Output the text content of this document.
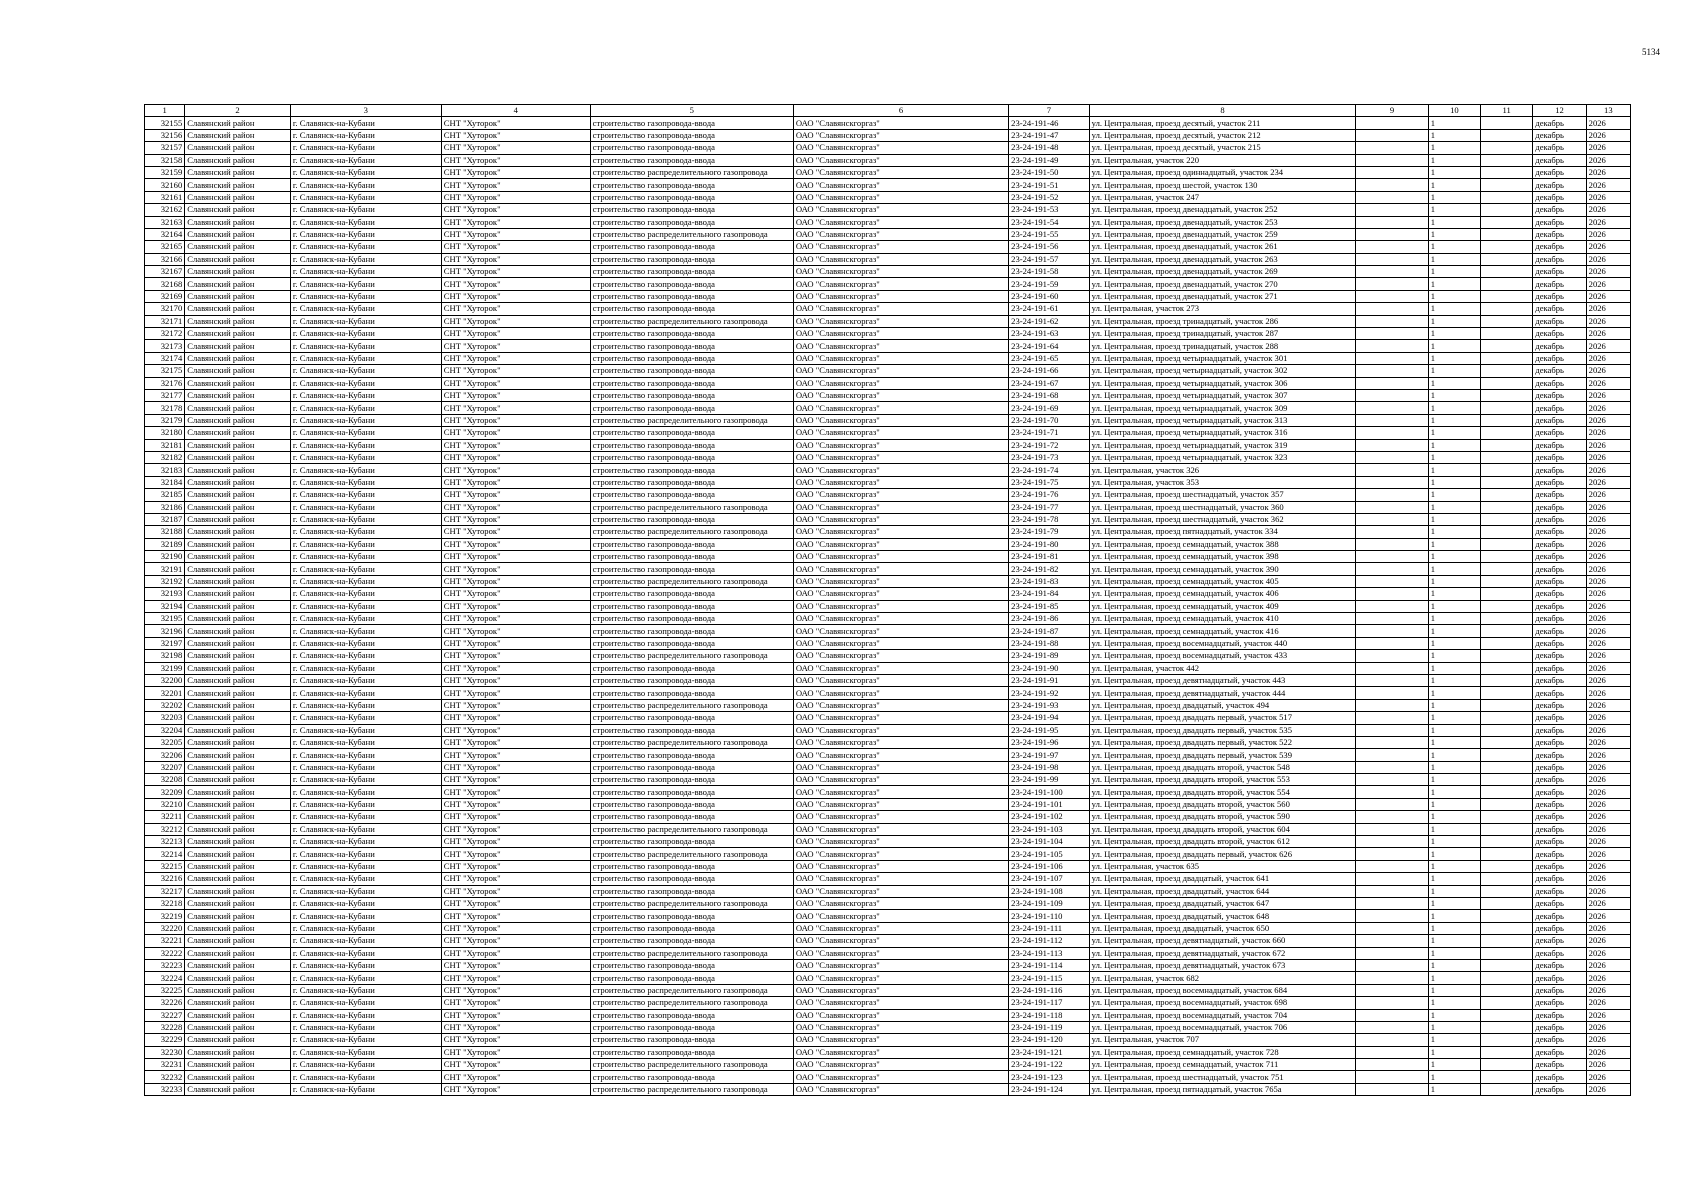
5134
1	2	3	4	5	6	7	8	9	10	11	12	13
32155	Славянский район	г. Славянск-на-Кубани	СНТ "Хуторок"	строительство газопровода-ввода	ОАО "Славянскгоргаз"	23-24-191-46	ул. Центральная, проезд десятый, участок 211		1		декабрь	2026
32156	Славянский район	г. Славянск-на-Кубани	СНТ "Хуторок"	строительство газопровода-ввода	ОАО "Славянскгоргаз"	23-24-191-47	ул. Центральная, проезд десятый, участок 212		1		декабрь	2026
32157	Славянский район	г. Славянск-на-Кубани	СНТ "Хуторок"	строительство газопровода-ввода	ОАО "Славянскгоргаз"	23-24-191-48	ул. Центральная, проезд десятый, участок 215		1		декабрь	2026
32158	Славянский район	г. Славянск-на-Кубани	СНТ "Хуторок"	строительство газопровода-ввода	ОАО "Славянскгоргаз"	23-24-191-49	ул. Центральная, участок 220		1		декабрь	2026
32159	Славянский район	г. Славянск-на-Кубани	СНТ "Хуторок"	строительство распределительного газопровода	ОАО "Славянскгоргаз"	23-24-191-50	ул. Центральная, проезд одиннадцатый, участок 234		1		декабрь	2026
32160	Славянский район	г. Славянск-на-Кубани	СНТ "Хуторок"	строительство газопровода-ввода	ОАО "Славянскгоргаз"	23-24-191-51	ул. Центральная, проезд шестой, участок 130		1		декабрь	2026
32161	Славянский район	г. Славянск-на-Кубани	СНТ "Хуторок"	строительство газопровода-ввода	ОАО "Славянскгоргаз"	23-24-191-52	ул. Центральная, участок 247		1		декабрь	2026
32162	Славянский район	г. Славянск-на-Кубани	СНТ "Хуторок"	строительство газопровода-ввода	ОАО "Славянскгоргаз"	23-24-191-53	ул. Центральная, проезд двенадцатый, участок 252		1		декабрь	2026
32163	Славянский район	г. Славянск-на-Кубани	СНТ "Хуторок"	строительство газопровода-ввода	ОАО "Славянскгоргаз"	23-24-191-54	ул. Центральная, проезд двенадцатый, участок 253		1		декабрь	2026
32164	Славянский район	г. Славянск-на-Кубани	СНТ "Хуторок"	строительство распределительного газопровода	ОАО "Славянскгоргаз"	23-24-191-55	ул. Центральная, проезд двенадцатый, участок 259		1		декабрь	2026
32165	Славянский район	г. Славянск-на-Кубани	СНТ "Хуторок"	строительство газопровода-ввода	ОАО "Славянскгоргаз"	23-24-191-56	ул. Центральная, проезд двенадцатый, участок 261		1		декабрь	2026
32166	Славянский район	г. Славянск-на-Кубани	СНТ "Хуторок"	строительство газопровода-ввода	ОАО "Славянскгоргаз"	23-24-191-57	ул. Центральная, проезд двенадцатый, участок 263		1		декабрь	2026
32167	Славянский район	г. Славянск-на-Кубани	СНТ "Хуторок"	строительство газопровода-ввода	ОАО "Славянскгоргаз"	23-24-191-58	ул. Центральная, проезд двенадцатый, участок 269		1		декабрь	2026
32168	Славянский район	г. Славянск-на-Кубани	СНТ "Хуторок"	строительство газопровода-ввода	ОАО "Славянскгоргаз"	23-24-191-59	ул. Центральная, проезд двенадцатый, участок 270		1		декабрь	2026
32169	Славянский район	г. Славянск-на-Кубани	СНТ "Хуторок"	строительство газопровода-ввода	ОАО "Славянскгоргаз"	23-24-191-60	ул. Центральная, проезд двенадцатый, участок 271		1		декабрь	2026
32170	Славянский район	г. Славянск-на-Кубани	СНТ "Хуторок"	строительство газопровода-ввода	ОАО "Славянскгоргаз"	23-24-191-61	ул. Центральная, участок 273		1		декабрь	2026
32171	Славянский район	г. Славянск-на-Кубани	СНТ "Хуторок"	строительство распределительного газопровода	ОАО "Славянскгоргаз"	23-24-191-62	ул. Центральная, проезд тринадцатый, участок 286		1		декабрь	2026
32172	Славянский район	г. Славянск-на-Кубани	СНТ "Хуторок"	строительство газопровода-ввода	ОАО "Славянскгоргаз"	23-24-191-63	ул. Центральная, проезд тринадцатый, участок 287		1		декабрь	2026
32173	Славянский район	г. Славянск-на-Кубани	СНТ "Хуторок"	строительство газопровода-ввода	ОАО "Славянскгоргаз"	23-24-191-64	ул. Центральная, проезд тринадцатый, участок 288		1		декабрь	2026
32174	Славянский район	г. Славянск-на-Кубани	СНТ "Хуторок"	строительство газопровода-ввода	ОАО "Славянскгоргаз"	23-24-191-65	ул. Центральная, проезд четырнадцатый, участок 301		1		декабрь	2026
32175	Славянский район	г. Славянск-на-Кубани	СНТ "Хуторок"	строительство газопровода-ввода	ОАО "Славянскгоргаз"	23-24-191-66	ул. Центральная, проезд четырнадцатый, участок 302		1		декабрь	2026
32176	Славянский район	г. Славянск-на-Кубани	СНТ "Хуторок"	строительство газопровода-ввода	ОАО "Славянскгоргаз"	23-24-191-67	ул. Центральная, проезд четырнадцатый, участок 306		1		декабрь	2026
32177	Славянский район	г. Славянск-на-Кубани	СНТ "Хуторок"	строительство газопровода-ввода	ОАО "Славянскгоргаз"	23-24-191-68	ул. Центральная, проезд четырнадцатый, участок 307		1		декабрь	2026
32178	Славянский район	г. Славянск-на-Кубани	СНТ "Хуторок"	строительство газопровода-ввода	ОАО "Славянскгоргаз"	23-24-191-69	ул. Центральная, проезд четырнадцатый, участок 309		1		декабрь	2026
32179	Славянский район	г. Славянск-на-Кубани	СНТ "Хуторок"	строительство распределительного газопровода	ОАО "Славянскгоргаз"	23-24-191-70	ул. Центральная, проезд четырнадцатый, участок 313		1		декабрь	2026
32180	Славянский район	г. Славянск-на-Кубани	СНТ "Хуторок"	строительство газопровода-ввода	ОАО "Славянскгоргаз"	23-24-191-71	ул. Центральная, проезд четырнадцатый, участок 316		1		декабрь	2026
32181	Славянский район	г. Славянск-на-Кубани	СНТ "Хуторок"	строительство газопровода-ввода	ОАО "Славянскгоргаз"	23-24-191-72	ул. Центральная, проезд четырнадцатый, участок 319		1		декабрь	2026
32182	Славянский район	г. Славянск-на-Кубани	СНТ "Хуторок"	строительство газопровода-ввода	ОАО "Славянскгоргаз"	23-24-191-73	ул. Центральная, проезд четырнадцатый, участок 323		1		декабрь	2026
32183	Славянский район	г. Славянск-на-Кубани	СНТ "Хуторок"	строительство газопровода-ввода	ОАО "Славянскгоргаз"	23-24-191-74	ул. Центральная, участок 326		1		декабрь	2026
32184	Славянский район	г. Славянск-на-Кубани	СНТ "Хуторок"	строительство газопровода-ввода	ОАО "Славянскгоргаз"	23-24-191-75	ул. Центральная, участок 353		1		декабрь	2026
32185	Славянский район	г. Славянск-на-Кубани	СНТ "Хуторок"	строительство газопровода-ввода	ОАО "Славянскгоргаз"	23-24-191-76	ул. Центральная, проезд шестнадцатый, участок 357		1		декабрь	2026
32186	Славянский район	г. Славянск-на-Кубани	СНТ "Хуторок"	строительство распределительного газопровода	ОАО "Славянскгоргаз"	23-24-191-77	ул. Центральная, проезд шестнадцатый, участок 360		1		декабрь	2026
32187	Славянский район	г. Славянск-на-Кубани	СНТ "Хуторок"	строительство газопровода-ввода	ОАО "Славянскгоргаз"	23-24-191-78	ул. Центральная, проезд шестнадцатый, участок 362		1		декабрь	2026
32188	Славянский район	г. Славянск-на-Кубани	СНТ "Хуторок"	строительство распределительного газопровода	ОАО "Славянскгоргаз"	23-24-191-79	ул. Центральная, проезд пятнадцатый, участок 334		1		декабрь	2026
32189	Славянский район	г. Славянск-на-Кубани	СНТ "Хуторок"	строительство газопровода-ввода	ОАО "Славянскгоргаз"	23-24-191-80	ул. Центральная, проезд семнадцатый, участок 388		1		декабрь	2026
32190	Славянский район	г. Славянск-на-Кубани	СНТ "Хуторок"	строительство газопровода-ввода	ОАО "Славянскгоргаз"	23-24-191-81	ул. Центральная, проезд семнадцатый, участок 398		1		декабрь	2026
32191	Славянский район	г. Славянск-на-Кубани	СНТ "Хуторок"	строительство газопровода-ввода	ОАО "Славянскгоргаз"	23-24-191-82	ул. Центральная, проезд семнадцатый, участок 390		1		декабрь	2026
32192	Славянский район	г. Славянск-на-Кубани	СНТ "Хуторок"	строительство распределительного газопровода	ОАО "Славянскгоргаз"	23-24-191-83	ул. Центральная, проезд семнадцатый, участок 405		1		декабрь	2026
32193	Славянский район	г. Славянск-на-Кубани	СНТ "Хуторок"	строительство газопровода-ввода	ОАО "Славянскгоргаз"	23-24-191-84	ул. Центральная, проезд семнадцатый, участок 406		1		декабрь	2026
32194	Славянский район	г. Славянск-на-Кубани	СНТ "Хуторок"	строительство газопровода-ввода	ОАО "Славянскгоргаз"	23-24-191-85	ул. Центральная, проезд семнадцатый, участок 409		1		декабрь	2026
32195	Славянский район	г. Славянск-на-Кубани	СНТ "Хуторок"	строительство газопровода-ввода	ОАО "Славянскгоргаз"	23-24-191-86	ул. Центральная, проезд семнадцатый, участок 410		1		декабрь	2026
32196	Славянский район	г. Славянск-на-Кубани	СНТ "Хуторок"	строительство газопровода-ввода	ОАО "Славянскгоргаз"	23-24-191-87	ул. Центральная, проезд семнадцатый, участок 416		1		декабрь	2026
32197	Славянский район	г. Славянск-на-Кубани	СНТ "Хуторок"	строительство газопровода-ввода	ОАО "Славянскгоргаз"	23-24-191-88	ул. Центральная, проезд восемнадцатый, участок 440		1		декабрь	2026
32198	Славянский район	г. Славянск-на-Кубани	СНТ "Хуторок"	строительство распределительного газопровода	ОАО "Славянскгоргаз"	23-24-191-89	ул. Центральная, проезд восемнадцатый, участок 433		1		декабрь	2026
32199	Славянский район	г. Славянск-на-Кубани	СНТ "Хуторок"	строительство газопровода-ввода	ОАО "Славянскгоргаз"	23-24-191-90	ул. Центральная, участок 442		1		декабрь	2026
32200	Славянский район	г. Славянск-на-Кубани	СНТ "Хуторок"	строительство газопровода-ввода	ОАО "Славянскгоргаз"	23-24-191-91	ул. Центральная, проезд девятнадцатый, участок 443		1		декабрь	2026
32201	Славянский район	г. Славянск-на-Кубани	СНТ "Хуторок"	строительство газопровода-ввода	ОАО "Славянскгоргаз"	23-24-191-92	ул. Центральная, проезд девятнадцатый, участок 444		1		декабрь	2026
32202	Славянский район	г. Славянск-на-Кубани	СНТ "Хуторок"	строительство распределительного газопровода	ОАО "Славянскгоргаз"	23-24-191-93	ул. Центральная, проезд двадцатый, участок 494		1		декабрь	2026
32203	Славянский район	г. Славянск-на-Кубани	СНТ "Хуторок"	строительство газопровода-ввода	ОАО "Славянскгоргаз"	23-24-191-94	ул. Центральная, проезд двадцать первый, участок 517		1		декабрь	2026
32204	Славянский район	г. Славянск-на-Кубани	СНТ "Хуторок"	строительство газопровода-ввода	ОАО "Славянскгоргаз"	23-24-191-95	ул. Центральная, проезд двадцать первый, участок 535		1		декабрь	2026
32205	Славянский район	г. Славянск-на-Кубани	СНТ "Хуторок"	строительство распределительного газопровода	ОАО "Славянскгоргаз"	23-24-191-96	ул. Центральная, проезд двадцать первый, участок 522		1		декабрь	2026
32206	Славянский район	г. Славянск-на-Кубани	СНТ "Хуторок"	строительство газопровода-ввода	ОАО "Славянскгоргаз"	23-24-191-97	ул. Центральная, проезд двадцать первый, участок 539		1		декабрь	2026
32207	Славянский район	г. Славянск-на-Кубани	СНТ "Хуторок"	строительство газопровода-ввода	ОАО "Славянскгоргаз"	23-24-191-98	ул. Центральная, проезд двадцать второй, участок 548		1		декабрь	2026
32208	Славянский район	г. Славянск-на-Кубани	СНТ "Хуторок"	строительство газопровода-ввода	ОАО "Славянскгоргаз"	23-24-191-99	ул. Центральная, проезд двадцать второй, участок 553		1		декабрь	2026
32209	Славянский район	г. Славянск-на-Кубани	СНТ "Хуторок"	строительство газопровода-ввода	ОАО "Славянскгоргаз"	23-24-191-100	ул. Центральная, проезд двадцать второй, участок 554		1		декабрь	2026
32210	Славянский район	г. Славянск-на-Кубани	СНТ "Хуторок"	строительство газопровода-ввода	ОАО "Славянскгоргаз"	23-24-191-101	ул. Центральная, проезд двадцать второй, участок 560		1		декабрь	2026
32211	Славянский район	г. Славянск-на-Кубани	СНТ "Хуторок"	строительство газопровода-ввода	ОАО "Славянскгоргаз"	23-24-191-102	ул. Центральная, проезд двадцать второй, участок 590		1		декабрь	2026
32212	Славянский район	г. Славянск-на-Кубани	СНТ "Хуторок"	строительство распределительного газопровода	ОАО "Славянскгоргаз"	23-24-191-103	ул. Центральная, проезд двадцать второй, участок 604		1		декабрь	2026
32213	Славянский район	г. Славянск-на-Кубани	СНТ "Хуторок"	строительство газопровода-ввода	ОАО "Славянскгоргаз"	23-24-191-104	ул. Центральная, проезд двадцать второй, участок 612		1		декабрь	2026
32214	Славянский район	г. Славянск-на-Кубани	СНТ "Хуторок"	строительство распределительного газопровода	ОАО "Славянскгоргаз"	23-24-191-105	ул. Центральная, проезд двадцать первый, участок 626		1		декабрь	2026
32215	Славянский район	г. Славянск-на-Кубани	СНТ "Хуторок"	строительство газопровода-ввода	ОАО "Славянскгоргаз"	23-24-191-106	ул. Центральная, участок 635		1		декабрь	2026
32216	Славянский район	г. Славянск-на-Кубани	СНТ "Хуторок"	строительство газопровода-ввода	ОАО "Славянскгоргаз"	23-24-191-107	ул. Центральная, проезд двадцатый, участок 641		1		декабрь	2026
32217	Славянский район	г. Славянск-на-Кубани	СНТ "Хуторок"	строительство газопровода-ввода	ОАО "Славянскгоргаз"	23-24-191-108	ул. Центральная, проезд двадцатый, участок 644		1		декабрь	2026
32218	Славянский район	г. Славянск-на-Кубани	СНТ "Хуторок"	строительство распределительного газопровода	ОАО "Славянскгоргаз"	23-24-191-109	ул. Центральная, проезд двадцатый, участок 647		1		декабрь	2026
32219	Славянский район	г. Славянск-на-Кубани	СНТ "Хуторок"	строительство газопровода-ввода	ОАО "Славянскгоргаз"	23-24-191-110	ул. Центральная, проезд двадцатый, участок 648		1		декабрь	2026
32220	Славянский район	г. Славянск-на-Кубани	СНТ "Хуторок"	строительство газопровода-ввода	ОАО "Славянскгоргаз"	23-24-191-111	ул. Центральная, проезд двадцатый, участок 650		1		декабрь	2026
32221	Славянский район	г. Славянск-на-Кубани	СНТ "Хуторок"	строительство газопровода-ввода	ОАО "Славянскгоргаз"	23-24-191-112	ул. Центральная, проезд девятнадцатый, участок 660		1		декабрь	2026
32222	Славянский район	г. Славянск-на-Кубани	СНТ "Хуторок"	строительство распределительного газопровода	ОАО "Славянскгоргаз"	23-24-191-113	ул. Центральная, проезд девятнадцатый, участок 672		1		декабрь	2026
32223	Славянский район	г. Славянск-на-Кубани	СНТ "Хуторок"	строительство газопровода-ввода	ОАО "Славянскгоргаз"	23-24-191-114	ул. Центральная, проезд девятнадцатый, участок 673		1		декабрь	2026
32224	Славянский район	г. Славянск-на-Кубани	СНТ "Хуторок"	строительство газопровода-ввода	ОАО "Славянскгоргаз"	23-24-191-115	ул. Центральная, участок 682		1		декабрь	2026
32225	Славянский район	г. Славянск-на-Кубани	СНТ "Хуторок"	строительство распределительного газопровода	ОАО "Славянскгоргаз"	23-24-191-116	ул. Центральная, проезд восемнадцатый, участок 684		1		декабрь	2026
32226	Славянский район	г. Славянск-на-Кубани	СНТ "Хуторок"	строительство распределительного газопровода	ОАО "Славянскгоргаз"	23-24-191-117	ул. Центральная, проезд восемнадцатый, участок 698		1		декабрь	2026
32227	Славянский район	г. Славянск-на-Кубани	СНТ "Хуторок"	строительство газопровода-ввода	ОАО "Славянскгоргаз"	23-24-191-118	ул. Центральная, проезд восемнадцатый, участок 704		1		декабрь	2026
32228	Славянский район	г. Славянск-на-Кубани	СНТ "Хуторок"	строительство газопровода-ввода	ОАО "Славянскгоргаз"	23-24-191-119	ул. Центральная, проезд восемнадцатый, участок 706		1		декабрь	2026
32229	Славянский район	г. Славянск-на-Кубани	СНТ "Хуторок"	строительство газопровода-ввода	ОАО "Славянскгоргаз"	23-24-191-120	ул. Центральная, участок 707		1		декабрь	2026
32230	Славянский район	г. Славянск-на-Кубани	СНТ "Хуторок"	строительство газопровода-ввода	ОАО "Славянскгоргаз"	23-24-191-121	ул. Центральная, проезд семнадцатый, участок 728		1		декабрь	2026
32231	Славянский район	г. Славянск-на-Кубани	СНТ "Хуторок"	строительство распределительного газопровода	ОАО "Славянскгоргаз"	23-24-191-122	ул. Центральная, проезд семнадцатый, участок 711		1		декабрь	2026
32232	Славянский район	г. Славянск-на-Кубани	СНТ "Хуторок"	строительство газопровода-ввода	ОАО "Славянскгоргаз"	23-24-191-123	ул. Центральная, проезд шестнадцатый, участок 751		1		декабрь	2026
32233	Славянский район	г. Славянск-на-Кубани	СНТ "Хуторок"	строительство распределительного газопровода	ОАО "Славянскгоргаз"	23-24-191-124	ул. Центральная, проезд пятнадцатый, участок 765а		1		декабрь	2026
